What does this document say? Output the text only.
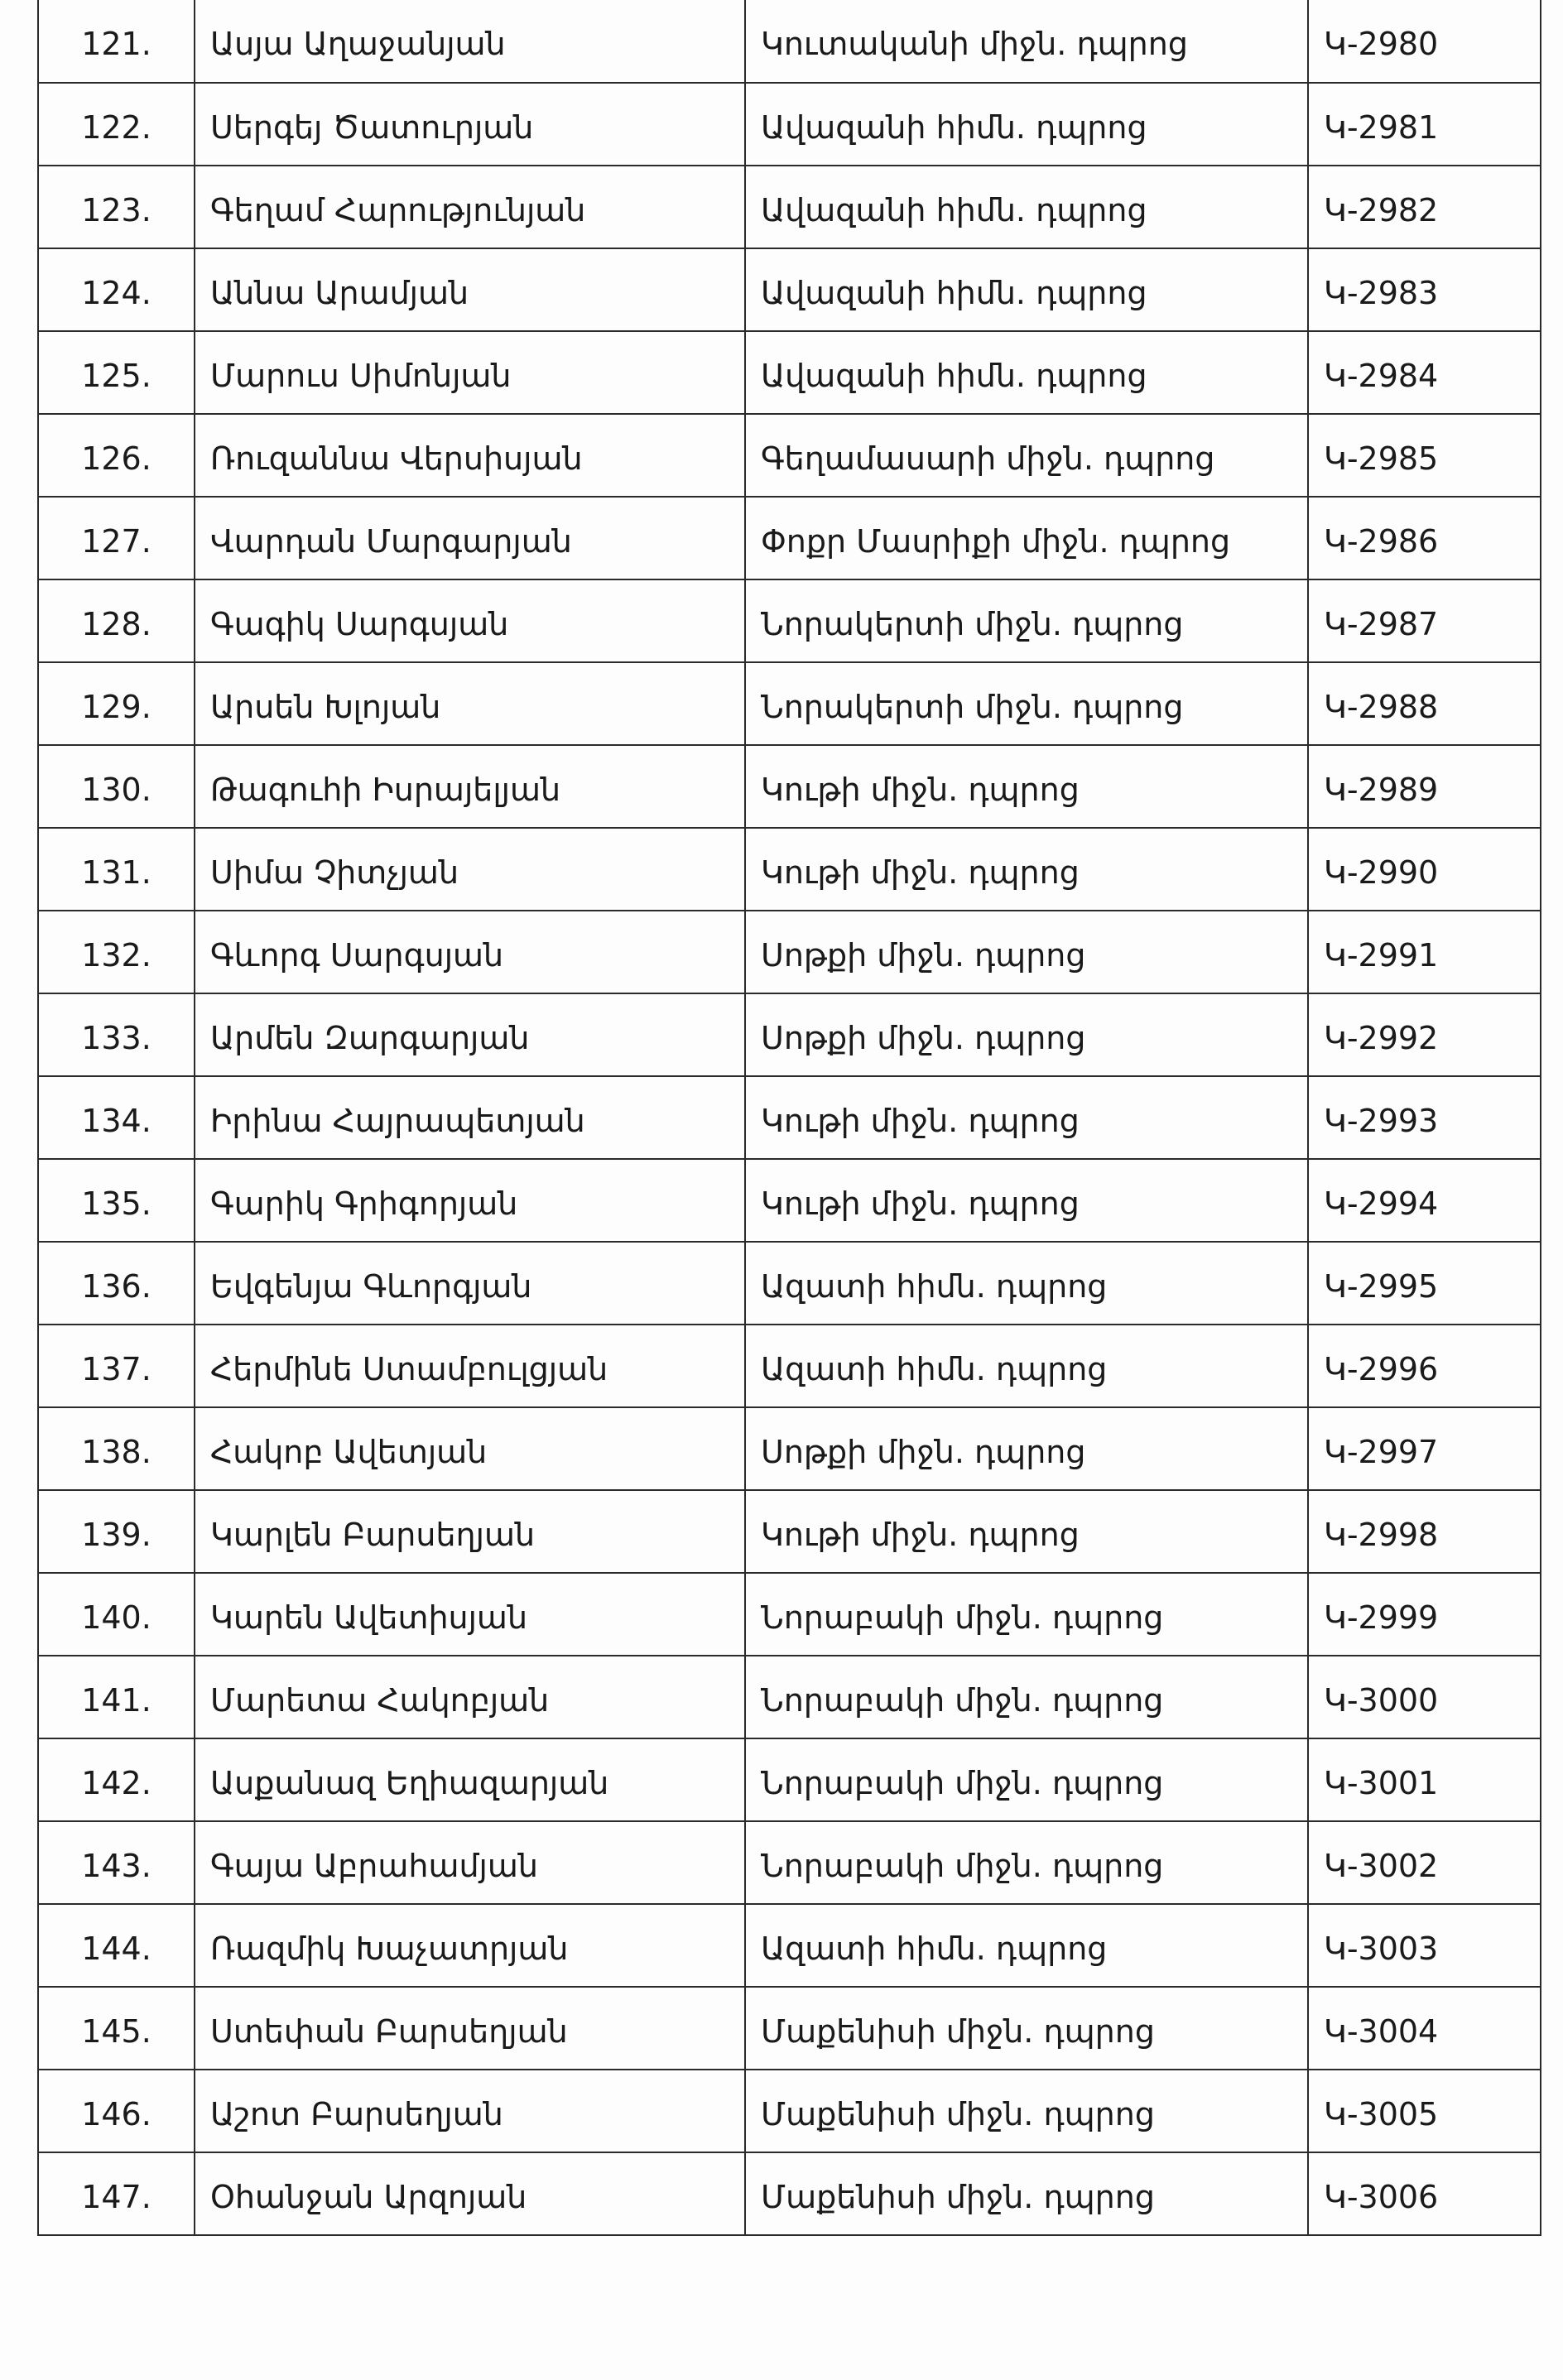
121.	Ասյա Աղաջանյան	Կուտականի միջն. դպրոց	Կ-2980
122.	Սերգեյ Ծատուրյան	Ավազանի հիմն. դպրոց	Կ-2981
123.	Գեղամ Հարությունյան	Ավազանի հիմն. դպրոց	Կ-2982
124.	Աննա Արամյան	Ավազանի հիմն. դպրոց	Կ-2983
125.	Մարուս Սիմոնյան	Ավազանի հիմն. դպրոց	Կ-2984
126.	Ռուզաննա Վերսիսյան	Գեղամասարի միջն. դպրոց	Կ-2985
127.	Վարդան Մարգարյան	Փոքր Մասրիքի միջն. դպրոց	Կ-2986
128.	Գագիկ Սարգսյան	Նորակերտի միջն. դպրոց	Կ-2987
129.	Արսեն Խլոյան	Նորակերտի միջն. դպրոց	Կ-2988
130.	Թագուհի Իսրայելյան	Կութի միջն. դպրոց	Կ-2989
131.	Սիմա Չիտչյան	Կութի միջն. դպրոց	Կ-2990
132.	Գևորգ Սարգսյան	Սոթքի միջն. դպրոց	Կ-2991
133.	Արմեն Զարգարյան	Սոթքի միջն. դպրոց	Կ-2992
134.	Իրինա Հայրապետյան	Կութի միջն. դպրոց	Կ-2993
135.	Գարիկ Գրիգորյան	Կութի միջն. դպրոց	Կ-2994
136.	Եվգենյա Գևորգյան	Ազատի հիմն. դպրոց	Կ-2995
137.	Հերմինե Ստամբուլցյան	Ազատի հիմն. դպրոց	Կ-2996
138.	Հակոբ Ավետյան	Սոթքի միջն. դպրոց	Կ-2997
139.	Կարլեն Բարսեղյան	Կութի միջն. դպրոց	Կ-2998
140.	Կարեն Ավետիսյան	Նորաբակի միջն. դպրոց	Կ-2999
141.	Մարետա Հակոբյան	Նորաբակի միջն. դպրոց	Կ-3000
142.	Ասքանազ Եղիազարյան	Նորաբակի միջն. դպրոց	Կ-3001
143.	Գայա Աբրահամյան	Նորաբակի միջն. դպրոց	Կ-3002
144.	Ռազմիկ Խաչատրյան	Ազատի հիմն. դպրոց	Կ-3003
145.	Ստեփան Բարսեղյան	Մաքենիսի միջն. դպրոց	Կ-3004
146.	Աշոտ Բարսեղյան	Մաքենիսի միջն. դպրոց	Կ-3005
147.	Օհանջան Արզոյան	Մաքենիսի միջն. դպրոց	Կ-3006
